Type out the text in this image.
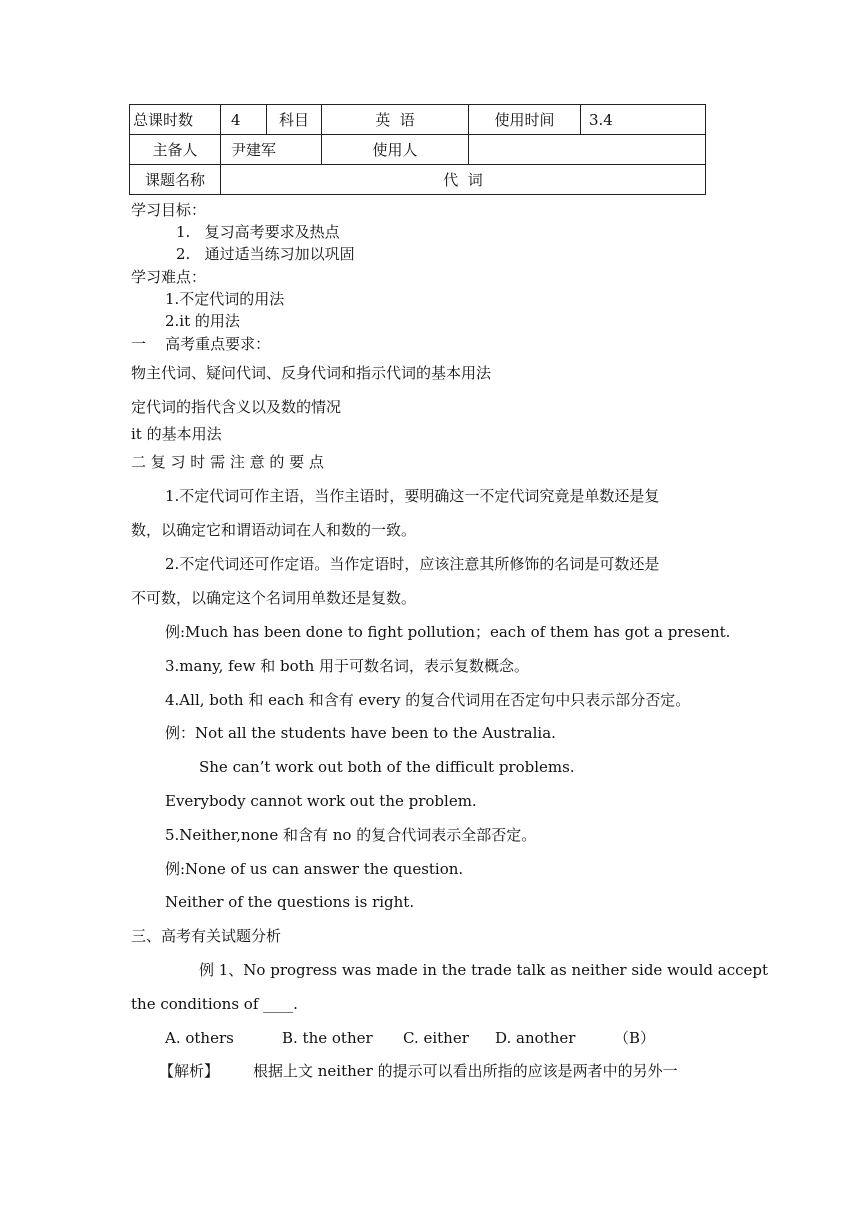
总课时数	4	科目	英  语	使用时间	3.4
主备人	尹建军		使用人		
课题名称	代  词				
学习目标：
1.   复习高考要求及热点
2.   通过适当练习加以巩固
学习难点：
1.不定代词的用法
2.it 的用法
一    高考重点要求：
物主代词、疑问代词、反身代词和指示代词的基本用法
定代词的指代含义以及数的情况
it 的基本用法
二 复 习 时 需 注 意 的 要 点
1.不定代词可作主语，当作主语时，要明确这一不定代词究竟是单数还是复
数，以确定它和谓语动词在人和数的一致。
2.不定代词还可作定语。当作定语时，应该注意其所修饰的名词是可数还是
不可数，以确定这个名词用单数还是复数。
例:Much has been done to fight pollution；each of them has got a present.
3.many, few 和 both 用于可数名词，表示复数概念。
4.All, both 和 each 和含有 every 的复合代词用在否定句中只表示部分否定。
例：Not all the students have been to the Australia.
She can’t work out both of the difficult problems.
Everybody cannot work out the problem.
5.Neither,none 和含有 no 的复合代词表示全部否定。
例:None of us can answer the question.
Neither of the questions is right.
三、高考有关试题分析
例 1、No progress was made in the trade talk as neither side would accept
the conditions of ____.
A. others	B. the other C. either D. another	（B）
【解析】 根据上文 neither 的提示可以看出所指的应该是两者中的另外一
